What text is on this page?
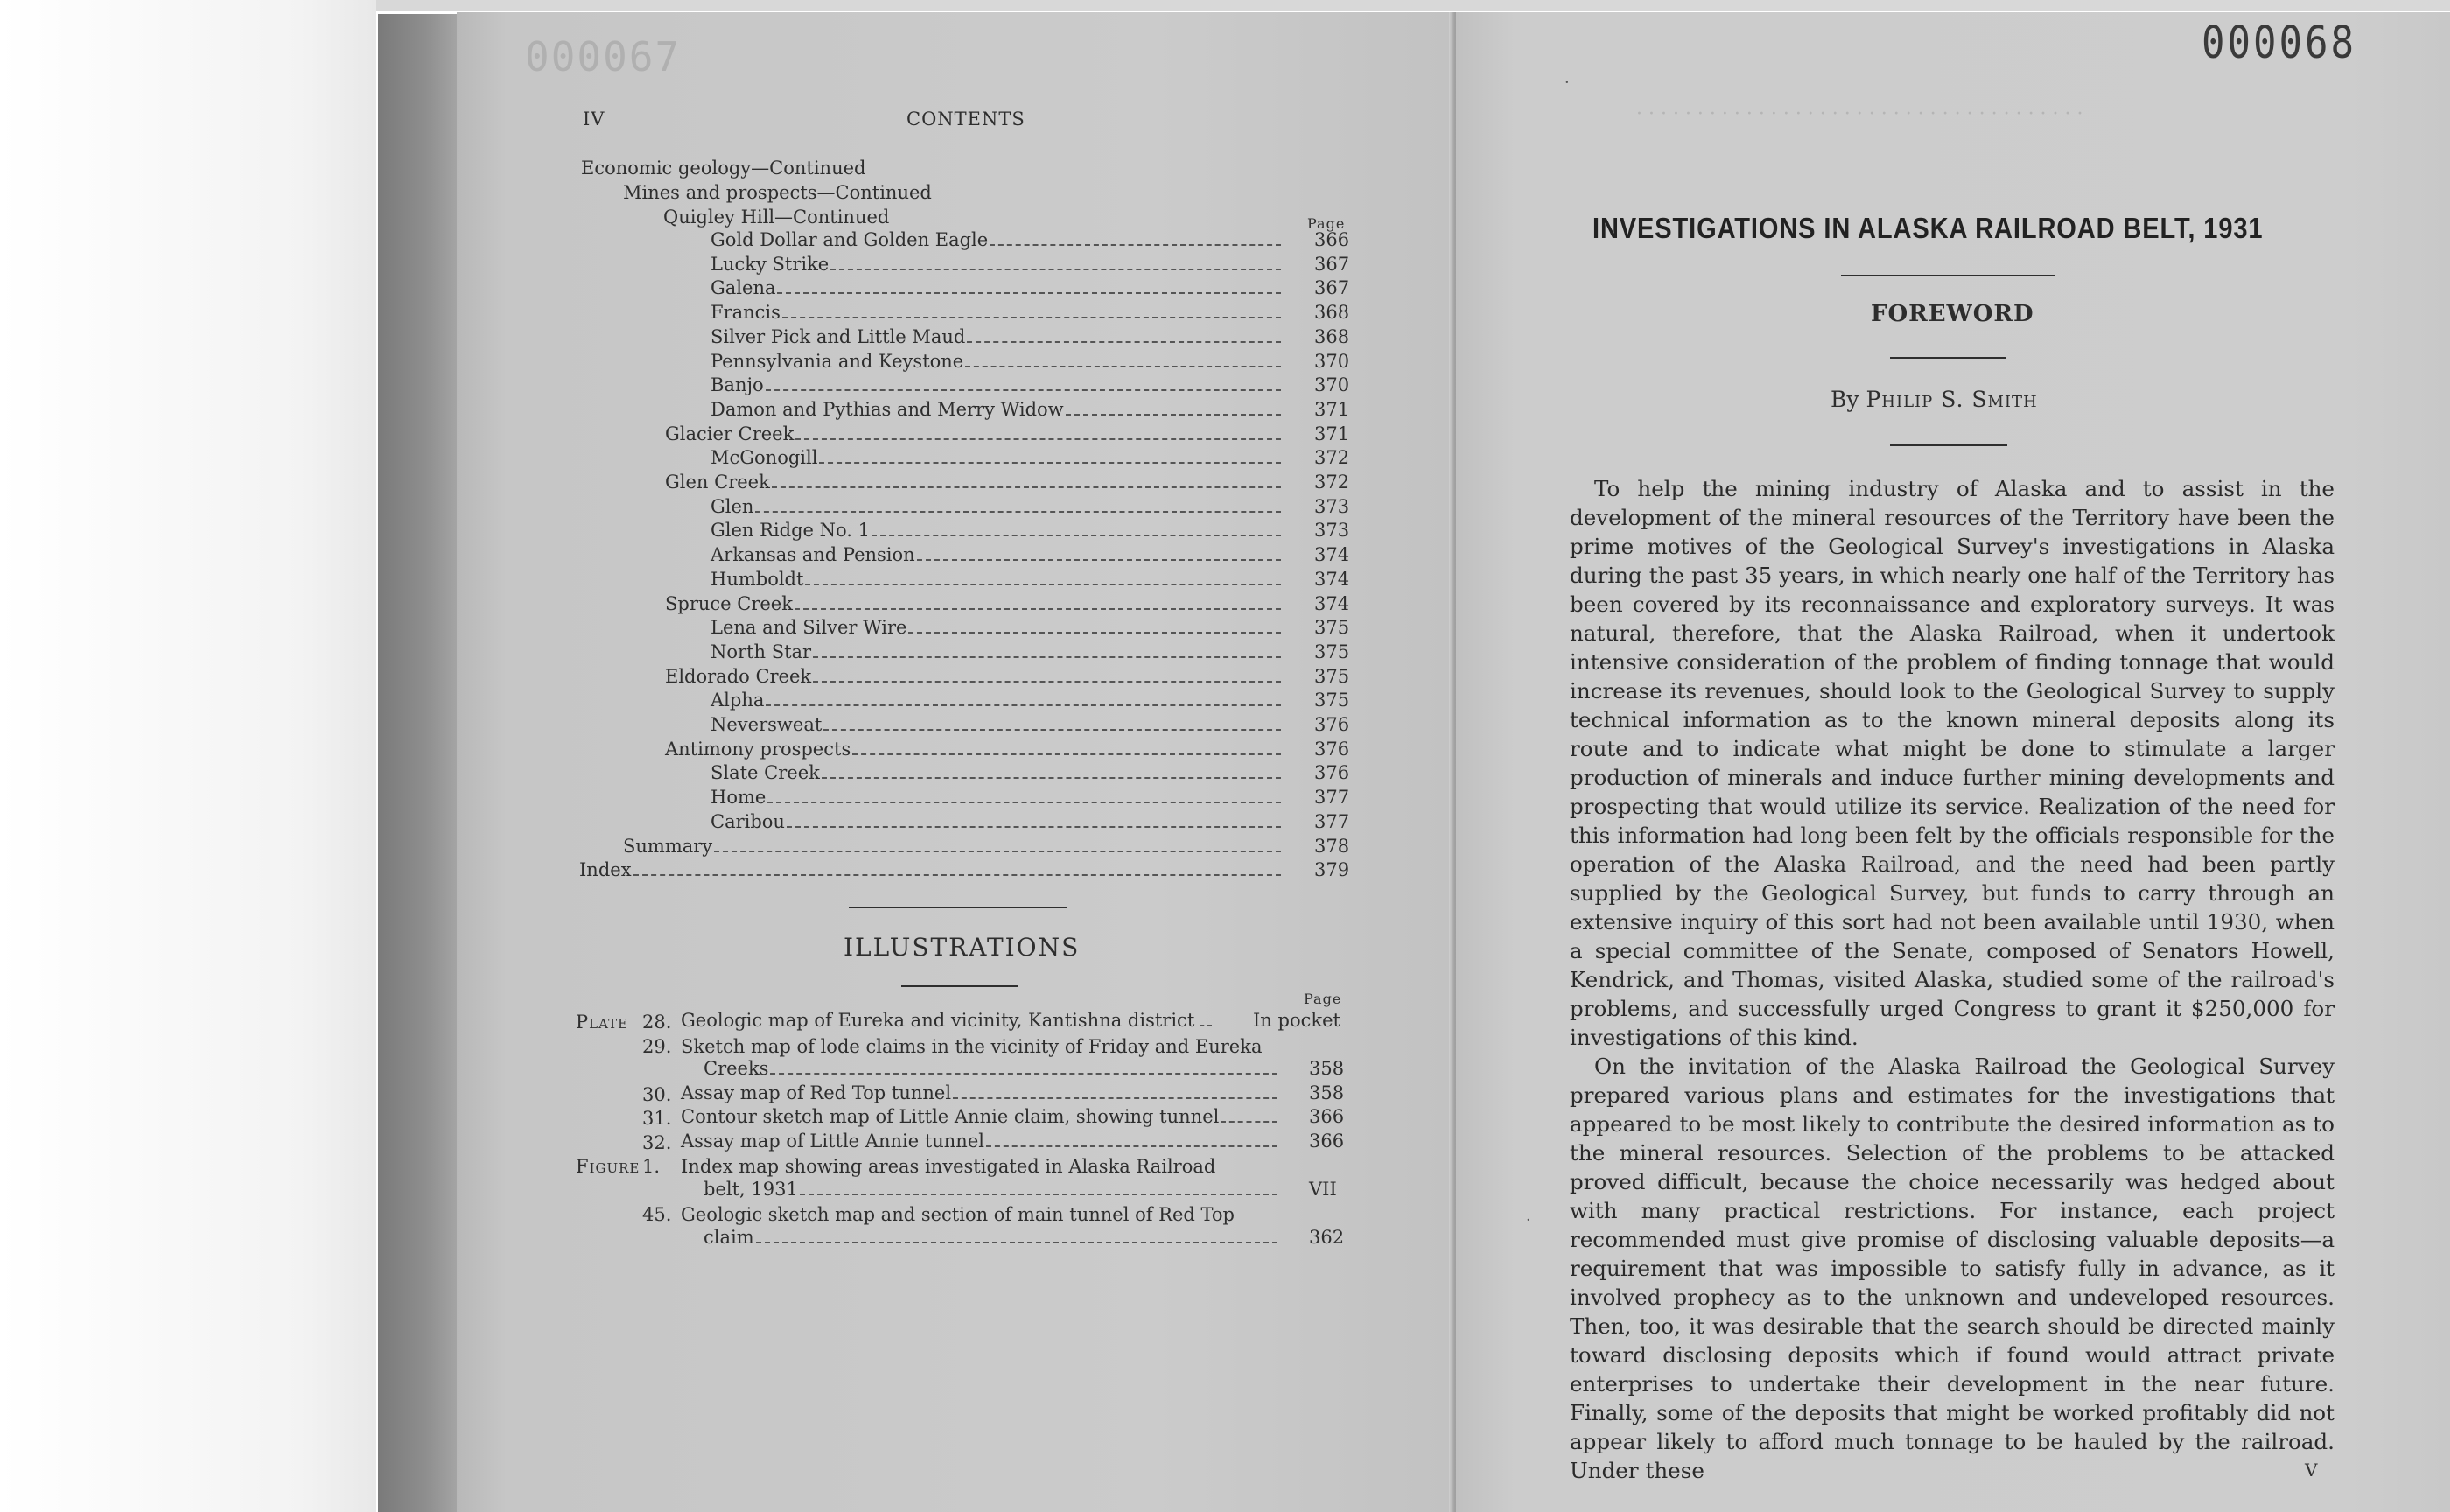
000067
IV	CONTENTS
Economic geology—Continued
Mines and prospects—Continued
Quigley Hill—Continued	Page
Gold Dollar and Golden Eagle	366
Lucky Strike	367
Galena	367
Francis	368
Silver Pick and Little Maud	368
Pennsylvania and Keystone	370
Banjo	370
Damon and Pythias and Merry Widow	371
Glacier Creek	371
McGonogill	372
Glen Creek	372
Glen	373
Glen Ridge No. 1	373
Arkansas and Pension	374
Humboldt	374
Spruce Creek	374
Lena and Silver Wire	375
North Star	375
Eldorado Creek	375
Alpha	375
Neversweat	376
Antimony prospects	376
Slate Creek	376
Home	377
Caribou	377
Summary	378
Index	379
ILLUSTRATIONS
Page
Plate 28. Geologic map of Eureka and vicinity, Kantishna district	In pocket
29. Sketch map of lode claims in the vicinity of Friday and Eureka
Creeks	358
30. Assay map of Red Top tunnel	358
31. Contour sketch map of Little Annie claim, showing tunnel	366
32. Assay map of Little Annie tunnel	366
Figure 1. Index map showing areas investigated in Alaska Railroad
belt, 1931	VII
45. Geologic sketch map and section of main tunnel of Red Top
claim	362
· · · · · · · · · · · · · · · · · · · · · · · · · · · · · · · · · · · · ·
000068
INVESTIGATIONS IN ALASKA RAILROAD BELT, 1931
FOREWORD
By Philip S. Smith

To help the mining industry of Alaska and to assist in the development of the mineral resources of the Territory have been the prime motives of the Geological Survey's investigations in Alaska during the past 35 years, in which nearly one half of the Territory has been covered by its reconnaissance and exploratory surveys. It was natural, therefore, that the Alaska Railroad, when it undertook intensive consideration of the problem of finding tonnage that would increase its revenues, should look to the Geological Survey to supply technical information as to the known mineral deposits along its route and to indicate what might be done to stimulate a larger production of minerals and induce further mining developments and prospecting that would utilize its service. Realization of the need for this information had long been felt by the officials responsible for the operation of the Alaska Railroad, and the need had been partly supplied by the Geological Survey, but funds to carry through an extensive inquiry of this sort had not been available until 1930, when a special committee of the Senate, composed of Senators Howell, Kendrick, and Thomas, visited Alaska, studied some of the railroad's problems, and successfully urged Congress to grant it $250,000 for investigations of this kind.

On the invitation of the Alaska Railroad the Geological Survey prepared various plans and estimates for the investigations that appeared to be most likely to contribute the desired information as to the mineral resources. Selection of the problems to be attacked proved difficult, because the choice necessarily was hedged about with many practical restrictions. For instance, each project recommended must give promise of disclosing valuable deposits—a requirement that was impossible to satisfy fully in advance, as it involved prophecy as to the unknown and undeveloped resources. Then, too, it was desirable that the search should be directed mainly toward disclosing deposits which if found would attract private enterprises to undertake their development in the near future. Finally, some of the deposits that might be worked profitably did not appear likely to afford much tonnage to be hauled by the railroad. Under these	V
·
·
